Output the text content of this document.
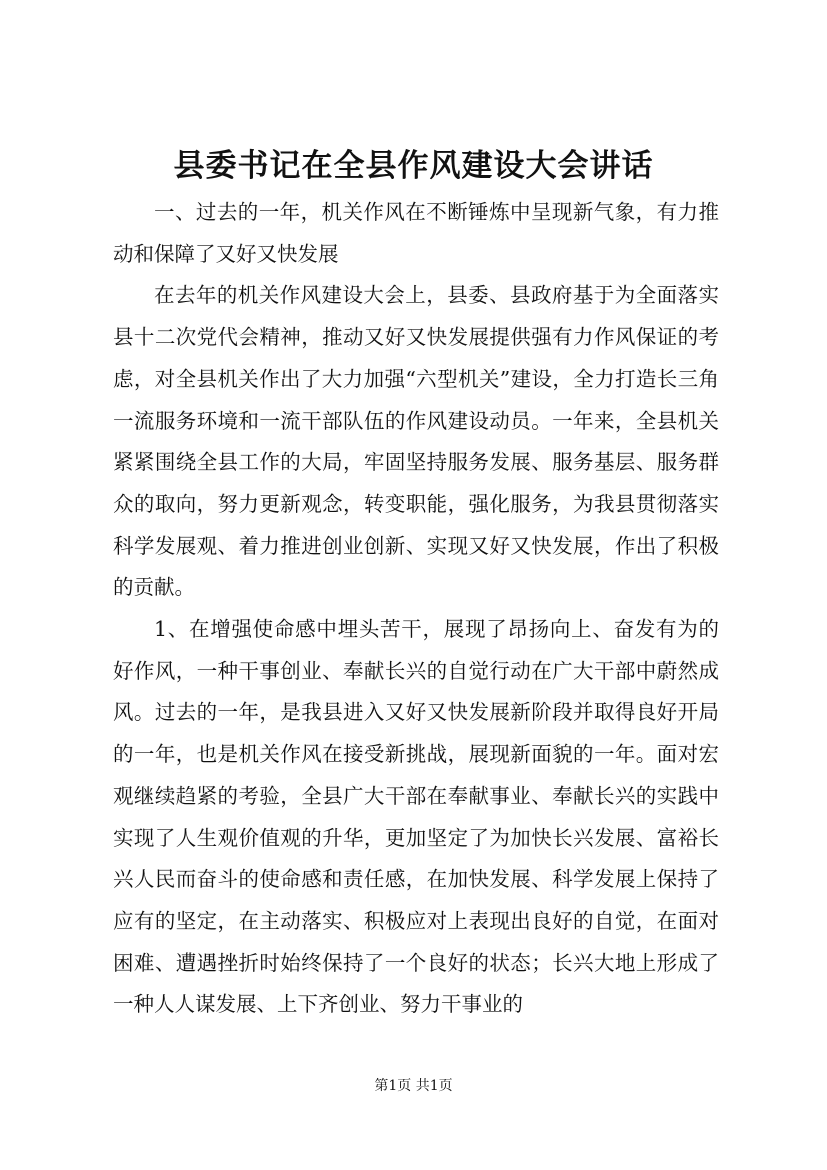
县委书记在全县作风建设大会讲话

一、过去的一年，机关作风在不断锤炼中呈现新气象，有力推动和保障了又好又快发展

在去年的机关作风建设大会上，县委、县政府基于为全面落实县十二次党代会精神，推动又好又快发展提供强有力作风保证的考虑，对全县机关作出了大力加强“六型机关”建设，全力打造长三角一流服务环境和一流干部队伍的作风建设动员。一年来，全县机关紧紧围绕全县工作的大局，牢固坚持服务发展、服务基层、服务群众的取向，努力更新观念，转变职能，强化服务，为我县贯彻落实科学发展观、着力推进创业创新、实现又好又快发展，作出了积极的贡献。

1、在增强使命感中埋头苦干，展现了昂扬向上、奋发有为的好作风，一种干事创业、奉献长兴的自觉行动在广大干部中蔚然成风。过去的一年，是我县进入又好又快发展新阶段并取得良好开局的一年，也是机关作风在接受新挑战，展现新面貌的一年。面对宏观继续趋紧的考验，全县广大干部在奉献事业、奉献长兴的实践中实现了人生观价值观的升华，更加坚定了为加快长兴发展、富裕长兴人民而奋斗的使命感和责任感，在加快发展、科学发展上保持了应有的坚定，在主动落实、积极应对上表现出良好的自觉，在面对困难、遭遇挫折时始终保持了一个良好的状态；长兴大地上形成了一种人人谋发展、上下齐创业、努力干事业的

第1页 共1页
